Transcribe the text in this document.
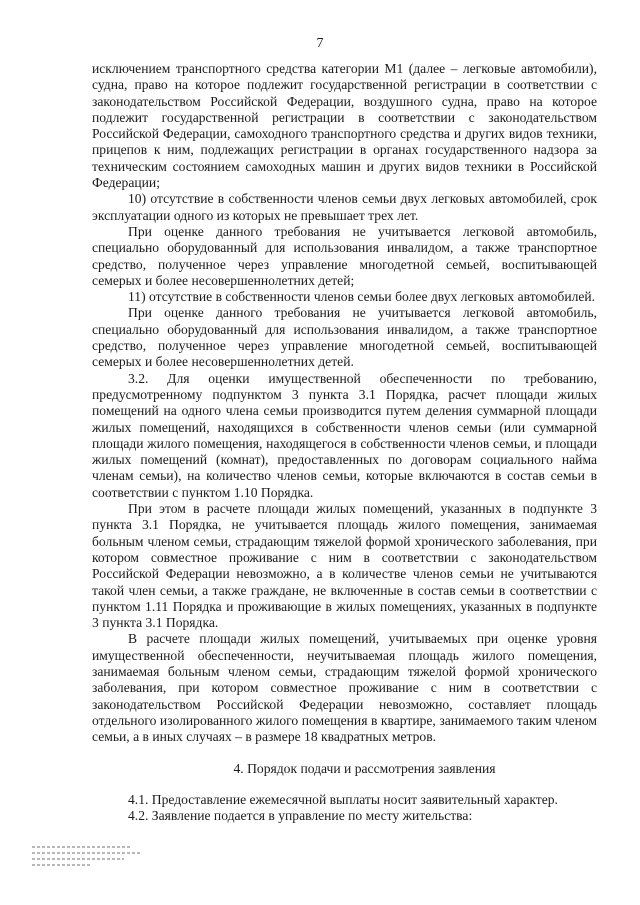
7

исключением транспортного средства категории M1 (далее – легковые автомобили), судна, право на которое подлежит государственной регистрации в соответствии с законодательством Российской Федерации, воздушного судна, право на которое подлежит государственной регистрации в соответствии с законодательством Российской Федерации, самоходного транспортного средства и других видов техники, прицепов к ним, подлежащих регистрации в органах государственного надзора за техническим состоянием самоходных машин и других видов техники в Российской Федерации;

10) отсутствие в собственности членов семьи двух легковых автомобилей, срок эксплуатации одного из которых не превышает трех лет.

При оценке данного требования не учитывается легковой автомобиль, специально оборудованный для использования инвалидом, а также транспортное средство, полученное через управление многодетной семьей, воспитывающей семерых и более несовершеннолетних детей;

11) отсутствие в собственности членов семьи более двух легковых автомобилей.

При оценке данного требования не учитывается легковой автомобиль, специально оборудованный для использования инвалидом, а также транспортное средство, полученное через управление многодетной семьей, воспитывающей семерых и более несовершеннолетних детей.

3.2. Для оценки имущественной обеспеченности по требованию, предусмотренному подпунктом 3 пункта 3.1 Порядка, расчет площади жилых помещений на одного члена семьи производится путем деления суммарной площади жилых помещений, находящихся в собственности членов семьи (или суммарной площади жилого помещения, находящегося в собственности членов семьи, и площади жилых помещений (комнат), предоставленных по договорам социального найма членам семьи), на количество членов семьи, которые включаются в состав семьи в соответствии с пунктом 1.10 Порядка.

При этом в расчете площади жилых помещений, указанных в подпункте 3 пункта 3.1 Порядка, не учитывается площадь жилого помещения, занимаемая больным членом семьи, страдающим тяжелой формой хронического заболевания, при котором совместное проживание с ним в соответствии с законодательством Российской Федерации невозможно, а в количестве членов семьи не учитываются такой член семьи, а также граждане, не включенные в состав семьи в соответствии с пунктом 1.11 Порядка и проживающие в жилых помещениях, указанных в подпункте 3 пункта 3.1 Порядка.

В расчете площади жилых помещений, учитываемых при оценке уровня имущественной обеспеченности, неучитываемая площадь жилого помещения, занимаемая больным членом семьи, страдающим тяжелой формой хронического заболевания, при котором совместное проживание с ним в соответствии с законодательством Российской Федерации невозможно, составляет площадь отдельного изолированного жилого помещения в квартире, занимаемого таким членом семьи, а в иных случаях – в размере 18 квадратных метров.

4. Порядок подачи и рассмотрения заявления

4.1. Предоставление ежемесячной выплаты носит заявительный характер.

4.2. Заявление подается в управление по месту жительства:
